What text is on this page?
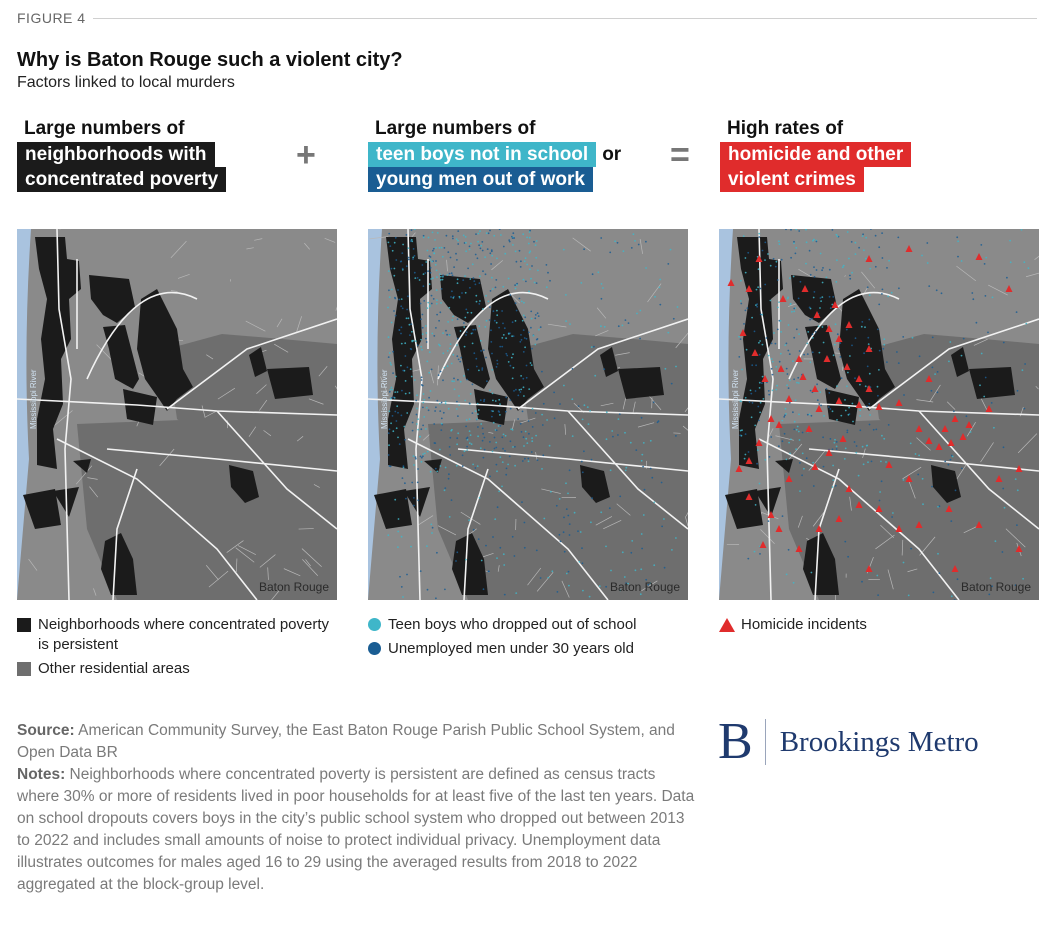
FIGURE 4
Why is Baton Rouge such a violent city?
Factors linked to local murders
Large numbers of
neighborhoods with
concentrated poverty
+
Large numbers of
teen boys not in school or
young men out of work
=
High rates of
homicide and other
violent crimes
Mississippi River
Baton Rouge
Mississippi River
Baton Rouge
Mississippi River
Baton Rouge
Neighborhoods where concentrated poverty is persistent
Other residential areas
Teen boys who dropped out of school
Unemployed men under 30 years old
Homicide incidents
Source: American Community Survey, the East Baton Rouge Parish Public School System, and Open Data BR
Notes: Neighborhoods where concentrated poverty is persistent are defined as census tracts where 30% or more of residents lived in poor households for at least five of the last ten years. Data on school dropouts covers boys in the city’s public school system who dropped out between 2013 to 2022 and includes small amounts of noise to protect individual privacy. Unemployment data illustrates outcomes for males aged 16 to 29 using the averaged results from 2018 to 2022 aggregated at the block-group level.
B Brookings Metro
